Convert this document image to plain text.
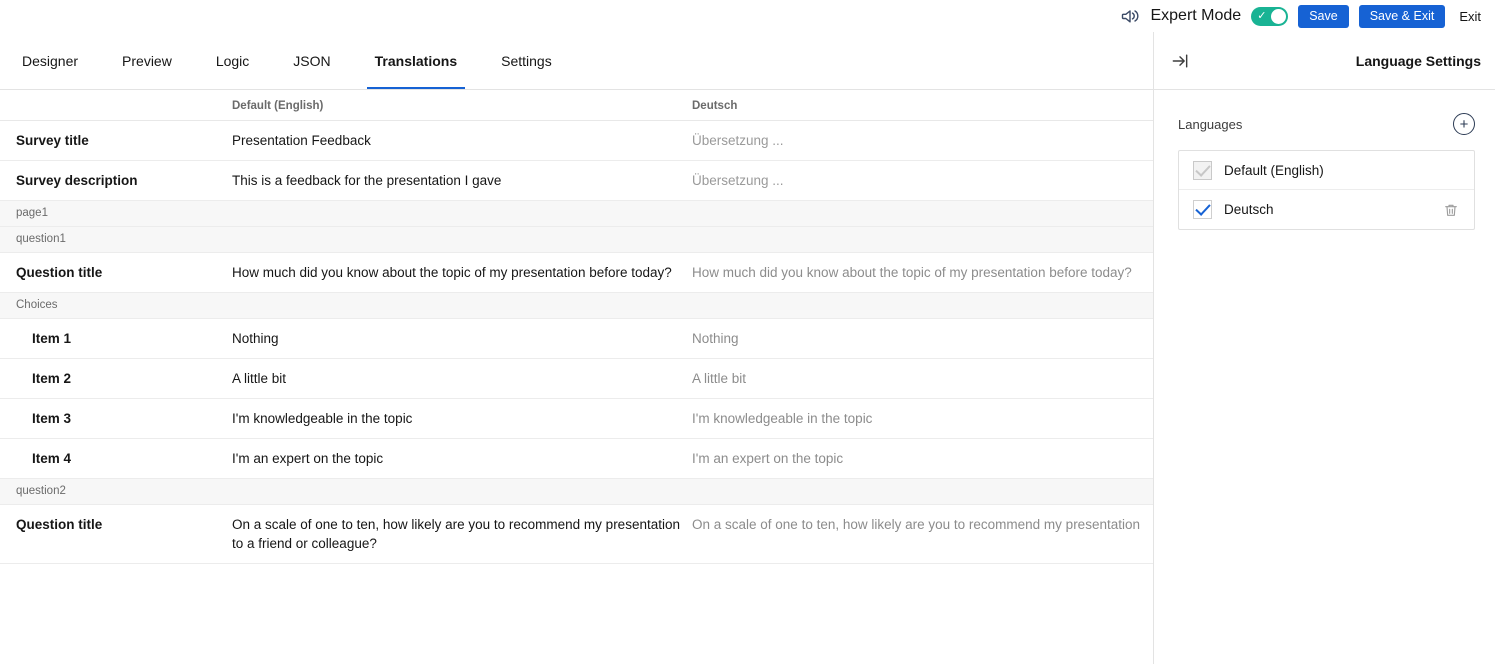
Expert Mode ✓	Save	Save & Exit	Exit
Designer	Preview	Logic	JSON	Translations	Settings
	Default (English)	Deutsch
Survey title	Presentation Feedback	Übersetzung ...
Survey description	This is a feedback for the presentation I gave	Übersetzung ...
page1		
question1		
Question title	How much did you know about the topic of my presentation before today?	How much did you know about the topic of my presentation before today?
Choices		
Item 1	Nothing	Nothing
Item 2	A little bit	A little bit
Item 3	I'm knowledgeable in the topic	I'm knowledgeable in the topic
Item 4	I'm an expert on the topic	I'm an expert on the topic
question2		
Question title	On a scale of one to ten, how likely are you to recommend my presentation to a friend or colleague?	On a scale of one to ten, how likely are you to recommend my presentation
Language Settings
Languages	+
Default (English)
Deutsch
